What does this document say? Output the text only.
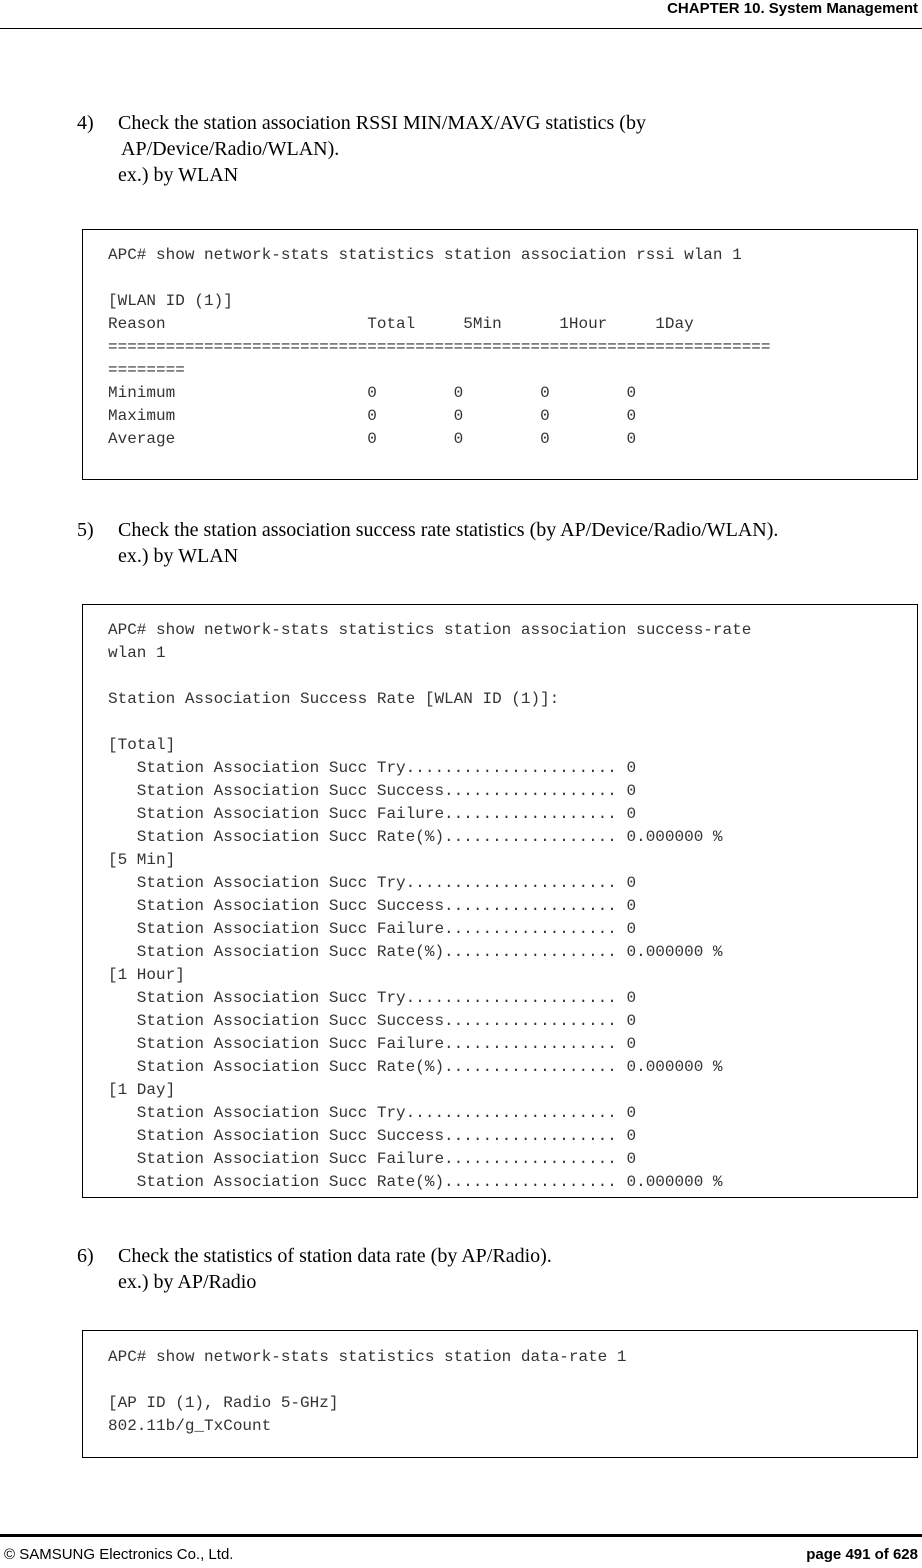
CHAPTER 10. System Management
4) Check the station association RSSI MIN/MAX/AVG statistics (by
AP/Device/Radio/WLAN).
ex.) by WLAN
APC# show network-stats statistics station association rssi wlan 1

[WLAN ID (1)]
Reason                     Total     5Min      1Hour     1Day
=====================================================================
========
Minimum                    0        0        0        0
Maximum                    0        0        0        0
Average                    0        0        0        0
5) Check the station association success rate statistics (by AP/Device/Radio/WLAN).
ex.) by WLAN
APC# show network-stats statistics station association success-rate
wlan 1

Station Association Success Rate [WLAN ID (1)]:

[Total]
Station Association Succ Try...................... 0
Station Association Succ Success.................. 0
Station Association Succ Failure.................. 0
Station Association Succ Rate(%).................. 0.000000 %
[5 Min]
Station Association Succ Try...................... 0
Station Association Succ Success.................. 0
Station Association Succ Failure.................. 0
Station Association Succ Rate(%).................. 0.000000 %
[1 Hour]
Station Association Succ Try...................... 0
Station Association Succ Success.................. 0
Station Association Succ Failure.................. 0
Station Association Succ Rate(%).................. 0.000000 %
[1 Day]
Station Association Succ Try...................... 0
Station Association Succ Success.................. 0
Station Association Succ Failure.................. 0
Station Association Succ Rate(%).................. 0.000000 %
6) Check the statistics of station data rate (by AP/Radio).
ex.) by AP/Radio
APC# show network-stats statistics station data-rate 1

[AP ID (1), Radio 5-GHz]
802.11b/g_TxCount
© SAMSUNG Electronics Co., Ltd.	page 491 of 628
